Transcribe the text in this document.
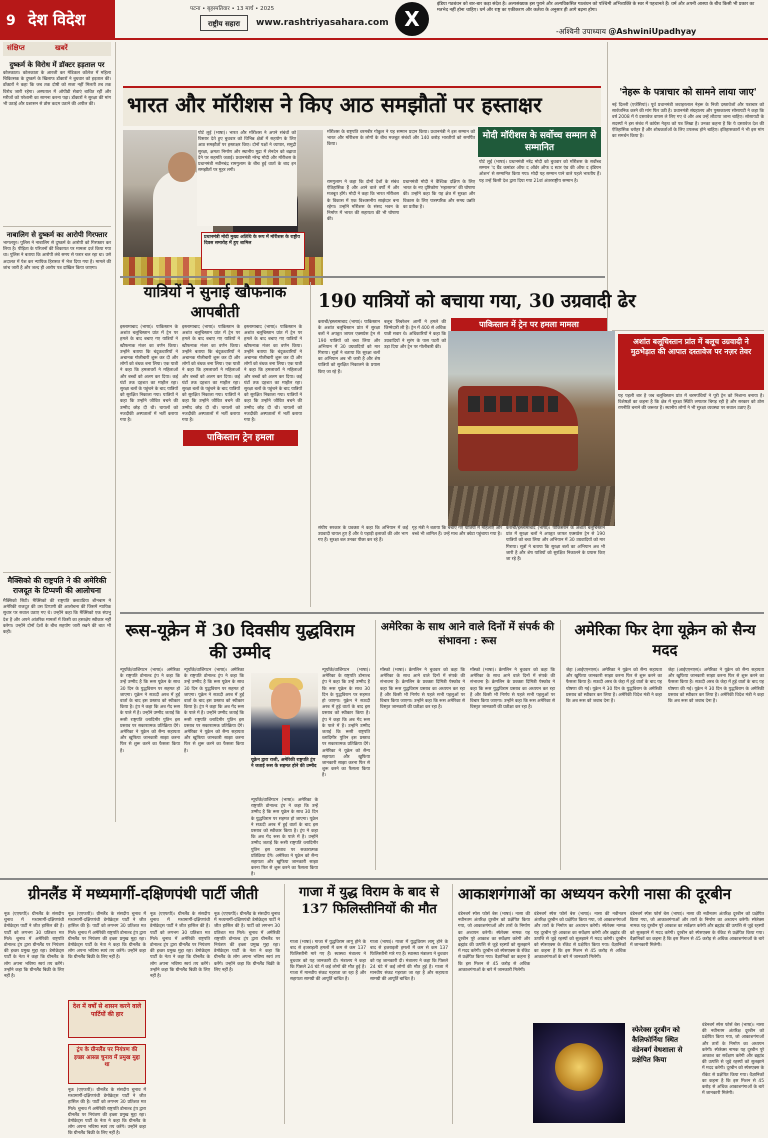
9 देश विदेश
पटना • बृहस्पतिवार • 13 मार्च • 2025
राष्ट्रीय सहारा	www.rashtriyasahara.com X
इंडिया गठबंधन को बार-बार कड़ा संदेश है। अल्पसंख्यक इस पुराने और अल्पविकसित गठबंधन को पश्चिमी अभिव्यक्ति के स्वर में पहचानते हैं। धर्म और अपनी आस्था के बीच किसी भी प्रकार का मतभेद नहीं होना चाहिए। धर्म और राष्ट्र का एकीकरण और कर्तव्य के अनुसार ही आगे बढ़ना होगा।
-अश्विनी उपाध्याय @AshwiniUpadhyay
संक्षिप्त	खबरें
दुष्कर्म के विरोध में डॉक्टर हड़ताल पर
कोलकाता। कोलकाता के आरजी कर मेडिकल कॉलेज में महिला चिकित्सक के दुष्कर्म के खिलाफ डॉक्टरों ने बुधवार को हड़ताल की। डॉक्टरों ने कहा कि जब तक दोषी को सजा नहीं मिलती तब तक विरोध जारी रहेगा। अस्पताल में ओपीडी सेवाएं बाधित रहीं और मरीजों को परेशानी का सामना करना पड़ा। डॉक्टरों ने सुरक्षा की मांग भी उठाई और प्रशासन से ठोस कदम उठाने की अपील की।
नाबालिग से दुष्कर्म का आरोपी गिरफ्तार
भागलपुर। पुलिस ने नाबालिग से दुष्कर्म के आरोपी को गिरफ्तार कर लिया है। पीड़िता के परिजनों की शिकायत पर मामला दर्ज किया गया था। पुलिस ने बताया कि आरोपी लंबे समय से फरार चल रहा था। उसे अदालत में पेश कर न्यायिक हिरासत में भेज दिया गया है। मामले की जांच जारी है और जल्द ही आरोप पत्र दाखिल किया जाएगा।
मैक्सिको की राष्ट्रपति ने की अमेरिकी राजदूत के टिप्पणी की आलोचना
मैक्सिको सिटी। मैक्सिको की राष्ट्रपति क्लाउडिया शीनबाम ने अमेरिकी राजदूत की उस टिप्पणी की आलोचना की जिसमें न्यायिक सुधार पर सवाल उठाए गए थे। उन्होंने कहा कि मैक्सिको एक संप्रभु देश है और अपने आंतरिक मामलों में किसी का हस्तक्षेप स्वीकार नहीं करेगा। उन्होंने दोनों देशों के बीच सहयोग जारी रखने की बात भी कही।
भारत और मॉरीशस ने किए आठ समझौतों पर हस्ताक्षर
मोदी मॉरीशस के सर्वोच्च सम्मान से सम्मानित
पोर्ट लुई (भाषा)। भारत और मॉरीशस ने अपने संबंधों को विस्तार देते हुए बुधवार को विभिन्न क्षेत्रों में सहयोग के लिए आठ समझौतों पर हस्ताक्षर किए। दोनों पक्षों ने व्यापार, समुद्री सुरक्षा, क्षमता निर्माण और स्थानीय मुद्रा में लेनदेन को बढ़ावा देने पर सहमति जताई। प्रधानमंत्री नरेन्द्र मोदी और मॉरीशस के प्रधानमंत्री नवीनचंद्र रामगुलाम के बीच हुई वार्ता के बाद इन समझौतों पर मुहर लगी।
प्रधानमंत्री मोदी मुख्य अतिथि के रूप में मॉरीशस के राष्ट्रीय दिवस समारोह में हुए शामिल
रामगुलाम ने कहा कि दोनों देशों के संबंध ऐतिहासिक हैं और आने वाले वर्षों में और मजबूत होंगे। मोदी ने कहा कि भारत मॉरीशस के विकास में एक विश्वसनीय साझेदार बना रहेगा। उन्होंने मॉरीशस के संसद भवन के निर्माण में भारत की सहायता की भी घोषणा की।
प्रधानमंत्री मोदी ने वैश्विक दक्षिण के लिए भारत के नए दृष्टिकोण 'महासागर' की घोषणा की। उन्होंने कहा कि यह क्षेत्र में सुरक्षा और विकास के लिए पारस्परिक और समग्र उन्नति का प्रतीक है।
पोर्ट लुई (भाषा)। प्रधानमंत्री नरेंद्र मोदी को बुधवार को मॉरीशस के सर्वोच्च सम्मान 'द ग्रैंड कमांडर ऑफ द ऑर्डर ऑफ द स्टार एंड की ऑफ द इंडियन ओशन' से सम्मानित किया गया। मोदी यह सम्मान पाने वाले पहले भारतीय हैं। यह उन्हें किसी देश द्वारा दिया गया 21वां अंतरराष्ट्रीय सम्मान है।
मॉरीशस के राष्ट्रपति धरमबीर गोकुल ने यह सम्मान प्रदान किया। प्रधानमंत्री ने इस सम्मान को भारत और मॉरीशस के लोगों के बीच मजबूत संबंधों और 140 करोड़ भारतीयों को समर्पित किया।
'नेहरू के पत्राचार को सामने लाया जाए'
नई दिल्ली (एजेंसियां)। पूर्व प्रधानमंत्री जवाहरलाल नेहरू के निजी दस्तावेजों और पत्राचार को सार्वजनिक करने की मांग फिर उठी है। प्रधानमंत्री संग्रहालय और पुस्तकालय सोसायटी ने कहा कि वर्ष 2008 में ये दस्तावेज वापस ले लिए गए थे और अब उन्हें लौटाया जाना चाहिए। सोसायटी के सदस्यों ने इस संबंध में कांग्रेस नेतृत्व को पत्र लिखा है। उनका कहना है कि ये दस्तावेज देश की ऐतिहासिक धरोहर हैं और शोधकर्ताओं के लिए उपलब्ध होने चाहिए। इतिहासकारों ने भी इस मांग का समर्थन किया है।
यात्रियों ने सुनाई खौफनाक आपबीती
इस्लामाबाद (भाषा)। पाकिस्तान के अशांत बलूचिस्तान प्रांत में ट्रेन पर हमले के बाद बचाए गए यात्रियों ने खौफनाक मंजर का वर्णन किया। उन्होंने बताया कि बंदूकधारियों ने अचानक गोलीबारी शुरू कर दी और लोगों को बंधक बना लिया। एक यात्री ने कहा कि हमलावरों ने महिलाओं और बच्चों को अलग कर दिया। कई घंटों तक दहशत का माहौल रहा। सुरक्षा बलों के पहुंचने के बाद यात्रियों को सुरक्षित निकाला गया। यात्रियों ने कहा कि उन्होंने जीवित बचने की उम्मीद छोड़ दी थी। घायलों को नजदीकी अस्पतालों में भर्ती कराया गया है।
इस्लामाबाद (भाषा)। पाकिस्तान के अशांत बलूचिस्तान प्रांत में ट्रेन पर हमले के बाद बचाए गए यात्रियों ने खौफनाक मंजर का वर्णन किया। उन्होंने बताया कि बंदूकधारियों ने अचानक गोलीबारी शुरू कर दी और लोगों को बंधक बना लिया। एक यात्री ने कहा कि हमलावरों ने महिलाओं और बच्चों को अलग कर दिया। कई घंटों तक दहशत का माहौल रहा। सुरक्षा बलों के पहुंचने के बाद यात्रियों को सुरक्षित निकाला गया। यात्रियों ने कहा कि उन्होंने जीवित बचने की उम्मीद छोड़ दी थी। घायलों को नजदीकी अस्पतालों में भर्ती कराया गया है।
इस्लामाबाद (भाषा)। पाकिस्तान के अशांत बलूचिस्तान प्रांत में ट्रेन पर हमले के बाद बचाए गए यात्रियों ने खौफनाक मंजर का वर्णन किया। उन्होंने बताया कि बंदूकधारियों ने अचानक गोलीबारी शुरू कर दी और लोगों को बंधक बना लिया। एक यात्री ने कहा कि हमलावरों ने महिलाओं और बच्चों को अलग कर दिया। कई घंटों तक दहशत का माहौल रहा। सुरक्षा बलों के पहुंचने के बाद यात्रियों को सुरक्षित निकाला गया। यात्रियों ने कहा कि उन्होंने जीवित बचने की उम्मीद छोड़ दी थी। घायलों को नजदीकी अस्पतालों में भर्ती कराया गया है।
पाकिस्तान ट्रेन हमला
190 यात्रियों को बचाया गया, 30 उग्रवादी ढेर
पाकिस्तान में ट्रेन पर हमला मामला
कराची/इस्लामाबाद (भाषा)। पाकिस्तान के अशांत बलूचिस्तान प्रांत में सुरक्षा बलों ने अपहृत जाफर एक्सप्रेस ट्रेन से 190 यात्रियों को बचा लिया और अभियान में 30 उग्रवादियों को मार गिराया। सूत्रों ने बताया कि सुरक्षा बलों का अभियान अब भी जारी है और शेष यात्रियों को सुरक्षित निकालने के प्रयास किए जा रहे हैं।
बलूच लिबरेशन आर्मी ने हमले की जिम्मेदारी ली है। ट्रेन में 400 से अधिक यात्री सवार थे। अधिकारियों ने कहा कि उग्रवादियों ने सुरंग के पास पटरी को उड़ा दिया और ट्रेन पर गोलीबारी की।
संघीय सरकार के प्रवक्ता ने कहा कि अभियान में कई उग्रवादी घायल हुए हैं और वे पहाड़ी इलाकों की ओर भाग गए हैं। सुरक्षा बल उनका पीछा कर रहे हैं।
गृह मंत्री ने बताया कि बचाए गए यात्रियों में महिलाएं और बच्चे भी शामिल हैं। उन्हें माच और क्वेटा पहुंचाया गया है।
कराची/इस्लामाबाद (भाषा)। पाकिस्तान के अशांत बलूचिस्तान प्रांत में सुरक्षा बलों ने अपहृत जाफर एक्सप्रेस ट्रेन से 190 यात्रियों को बचा लिया और अभियान में 30 उग्रवादियों को मार गिराया। सूत्रों ने बताया कि सुरक्षा बलों का अभियान अब भी जारी है और शेष यात्रियों को सुरक्षित निकालने के प्रयास किए जा रहे हैं।
अशांत बलूचिस्तान प्रांत में बलूच उग्रवादी ने मुठभेड़ात की आपात दस्तावेज पर नज़र तेवर
यह पहली बार है जब बलूचिस्तान प्रांत में चरमपंथियों ने पूरी ट्रेन को निशाना बनाया है। विशेषज्ञों का कहना है कि क्षेत्र में सुरक्षा स्थिति लगातार बिगड़ रही है और सरकार को ठोस रणनीति बनाने की जरूरत है। स्थानीय लोगों ने भी सुरक्षा व्यवस्था पर सवाल उठाए हैं।
रूस-यूक्रेन में 30 दिवसीय युद्धविराम की उम्मीद
न्यूयॉर्क/वाशिंगटन (भाषा)। अमेरिका के राष्ट्रपति डोनाल्ड ट्रंप ने कहा कि उन्हें उम्मीद है कि रूस यूक्रेन के साथ 30 दिन के युद्धविराम पर सहमत हो जाएगा। यूक्रेन ने सऊदी अरब में हुई वार्ता के बाद इस प्रस्ताव को स्वीकार किया है। ट्रंप ने कहा कि अब गेंद रूस के पाले में है। उन्होंने उम्मीद जताई कि रूसी राष्ट्रपति व्लादिमीर पुतिन इस प्रस्ताव पर सकारात्मक प्रतिक्रिया देंगे। अमेरिका ने यूक्रेन को सैन्य सहायता और खुफिया जानकारी साझा करना फिर से शुरू करने का फैसला किया है।
न्यूयॉर्क/वाशिंगटन (भाषा)। अमेरिका के राष्ट्रपति डोनाल्ड ट्रंप ने कहा कि उन्हें उम्मीद है कि रूस यूक्रेन के साथ 30 दिन के युद्धविराम पर सहमत हो जाएगा। यूक्रेन ने सऊदी अरब में हुई वार्ता के बाद इस प्रस्ताव को स्वीकार किया है। ट्रंप ने कहा कि अब गेंद रूस के पाले में है। उन्होंने उम्मीद जताई कि रूसी राष्ट्रपति व्लादिमीर पुतिन इस प्रस्ताव पर सकारात्मक प्रतिक्रिया देंगे। अमेरिका ने यूक्रेन को सैन्य सहायता और खुफिया जानकारी साझा करना फिर से शुरू करने का फैसला किया है।
यूक्रेन द्वारा राजी, अमेरिकी राष्ट्रपति ट्रंप ने जताई रूस के सहमत होने की उम्मीद
न्यूयॉर्क/वाशिंगटन (भाषा)। अमेरिका के राष्ट्रपति डोनाल्ड ट्रंप ने कहा कि उन्हें उम्मीद है कि रूस यूक्रेन के साथ 30 दिन के युद्धविराम पर सहमत हो जाएगा। यूक्रेन ने सऊदी अरब में हुई वार्ता के बाद इस प्रस्ताव को स्वीकार किया है। ट्रंप ने कहा कि अब गेंद रूस के पाले में है। उन्होंने उम्मीद जताई कि रूसी राष्ट्रपति व्लादिमीर पुतिन इस प्रस्ताव पर सकारात्मक प्रतिक्रिया देंगे। अमेरिका ने यूक्रेन को सैन्य सहायता और खुफिया जानकारी साझा करना फिर से शुरू करने का फैसला किया है।
न्यूयॉर्क/वाशिंगटन (भाषा)। अमेरिका के राष्ट्रपति डोनाल्ड ट्रंप ने कहा कि उन्हें उम्मीद है कि रूस यूक्रेन के साथ 30 दिन के युद्धविराम पर सहमत हो जाएगा। यूक्रेन ने सऊदी अरब में हुई वार्ता के बाद इस प्रस्ताव को स्वीकार किया है। ट्रंप ने कहा कि अब गेंद रूस के पाले में है। उन्होंने उम्मीद जताई कि रूसी राष्ट्रपति व्लादिमीर पुतिन इस प्रस्ताव पर सकारात्मक प्रतिक्रिया देंगे। अमेरिका ने यूक्रेन को सैन्य सहायता और खुफिया जानकारी साझा करना फिर से शुरू करने का फैसला किया है।
अमेरिका के साथ आने वाले दिनों में संपर्क की संभावना : रूस
मॉस्को (भाषा)। क्रेमलिन ने बुधवार को कहा कि अमेरिका के साथ आने वाले दिनों में संपर्क की संभावना है। क्रेमलिन के प्रवक्ता दिमित्री पेस्कोव ने कहा कि रूस युद्धविराम प्रस्ताव का अध्ययन कर रहा है और किसी भी निर्णय से पहले सभी पहलुओं पर विचार किया जाएगा। उन्होंने कहा कि रूस अमेरिका से विस्तृत जानकारी की प्रतीक्षा कर रहा है।
मॉस्को (भाषा)। क्रेमलिन ने बुधवार को कहा कि अमेरिका के साथ आने वाले दिनों में संपर्क की संभावना है। क्रेमलिन के प्रवक्ता दिमित्री पेस्कोव ने कहा कि रूस युद्धविराम प्रस्ताव का अध्ययन कर रहा है और किसी भी निर्णय से पहले सभी पहलुओं पर विचार किया जाएगा। उन्होंने कहा कि रूस अमेरिका से विस्तृत जानकारी की प्रतीक्षा कर रहा है।
अमेरिका फिर देगा यूक्रेन को सैन्य मदद
जेद्दा (आईएएनएस)। अमेरिका ने यूक्रेन को सैन्य सहायता और खुफिया जानकारी साझा करना फिर से शुरू करने का फैसला किया है। सऊदी अरब के जेद्दा में हुई वार्ता के बाद यह घोषणा की गई। यूक्रेन ने 30 दिन के युद्धविराम के अमेरिकी प्रस्ताव को स्वीकार कर लिया है। अमेरिकी विदेश मंत्री ने कहा कि अब रूस को जवाब देना है।
जेद्दा (आईएएनएस)। अमेरिका ने यूक्रेन को सैन्य सहायता और खुफिया जानकारी साझा करना फिर से शुरू करने का फैसला किया है। सऊदी अरब के जेद्दा में हुई वार्ता के बाद यह घोषणा की गई। यूक्रेन ने 30 दिन के युद्धविराम के अमेरिकी प्रस्ताव को स्वीकार कर लिया है। अमेरिकी विदेश मंत्री ने कहा कि अब रूस को जवाब देना है।
ग्रीनलैंड में मध्यमार्गी-दक्षिणपंथी पार्टी जीती
नूक (एएफपी)। ग्रीनलैंड के संसदीय चुनाव में मध्यमार्गी-दक्षिणपंथी डेमोक्रेट्स पार्टी ने जीत हासिल की है। पार्टी को लगभग 30 प्रतिशत मत मिले। चुनाव में अमेरिकी राष्ट्रपति डोनाल्ड ट्रंप द्वारा ग्रीनलैंड पर नियंत्रण की इच्छा प्रमुख मुद्दा रहा। डेमोक्रेट्स पार्टी के नेता ने कहा कि ग्रीनलैंड के लोग अपना भविष्य स्वयं तय करेंगे। उन्होंने कहा कि ग्रीनलैंड बिक्री के लिए नहीं है।
देश में वर्षों से शासन करने वाले पार्टियों की हार
ट्रंप के ग्रीनलैंड पर नियंत्रण की इच्छा आसन्न चुनाव में प्रमुख मुद्दा था
नूक (एएफपी)। ग्रीनलैंड के संसदीय चुनाव में मध्यमार्गी-दक्षिणपंथी डेमोक्रेट्स पार्टी ने जीत हासिल की है। पार्टी को लगभग 30 प्रतिशत मत मिले। चुनाव में अमेरिकी राष्ट्रपति डोनाल्ड ट्रंप द्वारा ग्रीनलैंड पर नियंत्रण की इच्छा प्रमुख मुद्दा रहा। डेमोक्रेट्स पार्टी के नेता ने कहा कि ग्रीनलैंड के लोग अपना भविष्य स्वयं तय करेंगे। उन्होंने कहा कि ग्रीनलैंड बिक्री के लिए नहीं है।
नूक (एएफपी)। ग्रीनलैंड के संसदीय चुनाव में मध्यमार्गी-दक्षिणपंथी डेमोक्रेट्स पार्टी ने जीत हासिल की है। पार्टी को लगभग 30 प्रतिशत मत मिले। चुनाव में अमेरिकी राष्ट्रपति डोनाल्ड ट्रंप द्वारा ग्रीनलैंड पर नियंत्रण की इच्छा प्रमुख मुद्दा रहा। डेमोक्रेट्स पार्टी के नेता ने कहा कि ग्रीनलैंड के लोग अपना भविष्य स्वयं तय करेंगे। उन्होंने कहा कि ग्रीनलैंड बिक्री के लिए नहीं है।
नूक (एएफपी)। ग्रीनलैंड के संसदीय चुनाव में मध्यमार्गी-दक्षिणपंथी डेमोक्रेट्स पार्टी ने जीत हासिल की है। पार्टी को लगभग 30 प्रतिशत मत मिले। चुनाव में अमेरिकी राष्ट्रपति डोनाल्ड ट्रंप द्वारा ग्रीनलैंड पर नियंत्रण की इच्छा प्रमुख मुद्दा रहा। डेमोक्रेट्स पार्टी के नेता ने कहा कि ग्रीनलैंड के लोग अपना भविष्य स्वयं तय करेंगे। उन्होंने कहा कि ग्रीनलैंड बिक्री के लिए नहीं है।
नूक (एएफपी)। ग्रीनलैंड के संसदीय चुनाव में मध्यमार्गी-दक्षिणपंथी डेमोक्रेट्स पार्टी ने जीत हासिल की है। पार्टी को लगभग 30 प्रतिशत मत मिले। चुनाव में अमेरिकी राष्ट्रपति डोनाल्ड ट्रंप द्वारा ग्रीनलैंड पर नियंत्रण की इच्छा प्रमुख मुद्दा रहा। डेमोक्रेट्स पार्टी के नेता ने कहा कि ग्रीनलैंड के लोग अपना भविष्य स्वयं तय करेंगे। उन्होंने कहा कि ग्रीनलैंड बिक्री के लिए नहीं है।
गाजा में युद्ध विराम के बाद से 137 फिलिस्तीनियों की मौत
गाजा (भाषा)। गाजा में युद्धविराम लागू होने के बाद से इजराइली हमलों में कम से कम 137 फिलिस्तीनी मारे गए हैं। स्वास्थ्य मंत्रालय ने बुधवार को यह जानकारी दी। मंत्रालय ने कहा कि पिछले 24 घंटे में कई लोगों की मौत हुई है। गाजा में मानवीय संकट गहराता जा रहा है और सहायता सामग्री की आपूर्ति बाधित है।
गाजा (भाषा)। गाजा में युद्धविराम लागू होने के बाद से इजराइली हमलों में कम से कम 137 फिलिस्तीनी मारे गए हैं। स्वास्थ्य मंत्रालय ने बुधवार को यह जानकारी दी। मंत्रालय ने कहा कि पिछले 24 घंटे में कई लोगों की मौत हुई है। गाजा में मानवीय संकट गहराता जा रहा है और सहायता सामग्री की आपूर्ति बाधित है।
आकाशगंगाओं का अध्ययन करेगी नासा की दूरबीन
वंडेनबर्ग स्पेस फोर्स बेस (भाषा)। नासा की नवीनतम अंतरिक्ष दूरबीन को प्रक्षेपित किया गया, जो आकाशगंगाओं और तारों के निर्माण का अध्ययन करेगी। स्फेरेक्स नामक यह दूरबीन पूरे आकाश का सर्वेक्षण करेगी और ब्रह्मांड की उत्पत्ति से जुड़े रहस्यों को सुलझाने में मदद करेगी। दूरबीन को स्पेसएक्स के रॉकेट से प्रक्षेपित किया गया। वैज्ञानिकों का कहना है कि इस मिशन से 45 करोड़ से अधिक आकाशगंगाओं के बारे में जानकारी मिलेगी।
वंडेनबर्ग स्पेस फोर्स बेस (भाषा)। नासा की नवीनतम अंतरिक्ष दूरबीन को प्रक्षेपित किया गया, जो आकाशगंगाओं और तारों के निर्माण का अध्ययन करेगी। स्फेरेक्स नामक यह दूरबीन पूरे आकाश का सर्वेक्षण करेगी और ब्रह्मांड की उत्पत्ति से जुड़े रहस्यों को सुलझाने में मदद करेगी। दूरबीन को स्पेसएक्स के रॉकेट से प्रक्षेपित किया गया। वैज्ञानिकों का कहना है कि इस मिशन से 45 करोड़ से अधिक आकाशगंगाओं के बारे में जानकारी मिलेगी।
स्फेरेक्स दूरबीन को कैलिफोर्निया स्थित वंडेनबर्ग वेधशाला से प्रक्षेपित किया
वंडेनबर्ग स्पेस फोर्स बेस (भाषा)। नासा की नवीनतम अंतरिक्ष दूरबीन को प्रक्षेपित किया गया, जो आकाशगंगाओं और तारों के निर्माण का अध्ययन करेगी। स्फेरेक्स नामक यह दूरबीन पूरे आकाश का सर्वेक्षण करेगी और ब्रह्मांड की उत्पत्ति से जुड़े रहस्यों को सुलझाने में मदद करेगी। दूरबीन को स्पेसएक्स के रॉकेट से प्रक्षेपित किया गया। वैज्ञानिकों का कहना है कि इस मिशन से 45 करोड़ से अधिक आकाशगंगाओं के बारे में जानकारी मिलेगी।
वंडेनबर्ग स्पेस फोर्स बेस (भाषा)। नासा की नवीनतम अंतरिक्ष दूरबीन को प्रक्षेपित किया गया, जो आकाशगंगाओं और तारों के निर्माण का अध्ययन करेगी। स्फेरेक्स नामक यह दूरबीन पूरे आकाश का सर्वेक्षण करेगी और ब्रह्मांड की उत्पत्ति से जुड़े रहस्यों को सुलझाने में मदद करेगी। दूरबीन को स्पेसएक्स के रॉकेट से प्रक्षेपित किया गया। वैज्ञानिकों का कहना है कि इस मिशन से 45 करोड़ से अधिक आकाशगंगाओं के बारे में जानकारी मिलेगी।
